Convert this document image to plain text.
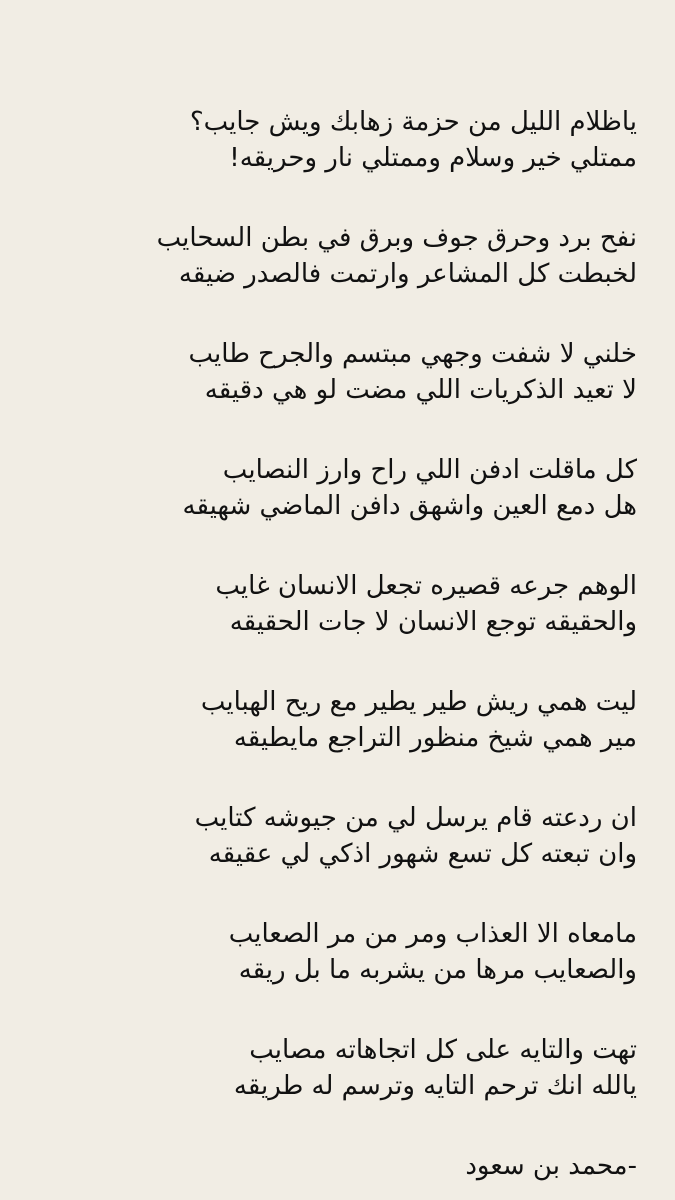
ياظلام الليل من حزمة زهابك ويش جايب؟
ممتلي خير وسلام وممتلي نار وحريقه!
نفح برد وحرق جوف وبرق في بطن السحايب
لخبطت كل المشاعر وارتمت فالصدر ضيقه
خلني لا شفت وجهي مبتسم والجرح طايب
لا تعيد الذكريات اللي مضت لو هي دقيقه
كل ماقلت ادفن اللي راح وارز النصايب
هل دمع العين واشهق دافن الماضي شهيقه
الوهم جرعه قصيره تجعل الانسان غايب
والحقيقه توجع الانسان لا جات الحقيقه
ليت همي ريش طير يطير مع ريح الهبايب
مير همي شيخ منظور التراجع مايطيقه
ان ردعته قام يرسل لي من جيوشه كتايب
وان تبعته كل تسع شهور اذكي لي عقيقه
مامعاه الا العذاب ومر من مر الصعايب
والصعايب مرها من يشربه ما بل ريقه
تهت والتايه على كل اتجاهاته مصايب
يالله انك ترحم التايه وترسم له طريقه
-محمد بن سعود
